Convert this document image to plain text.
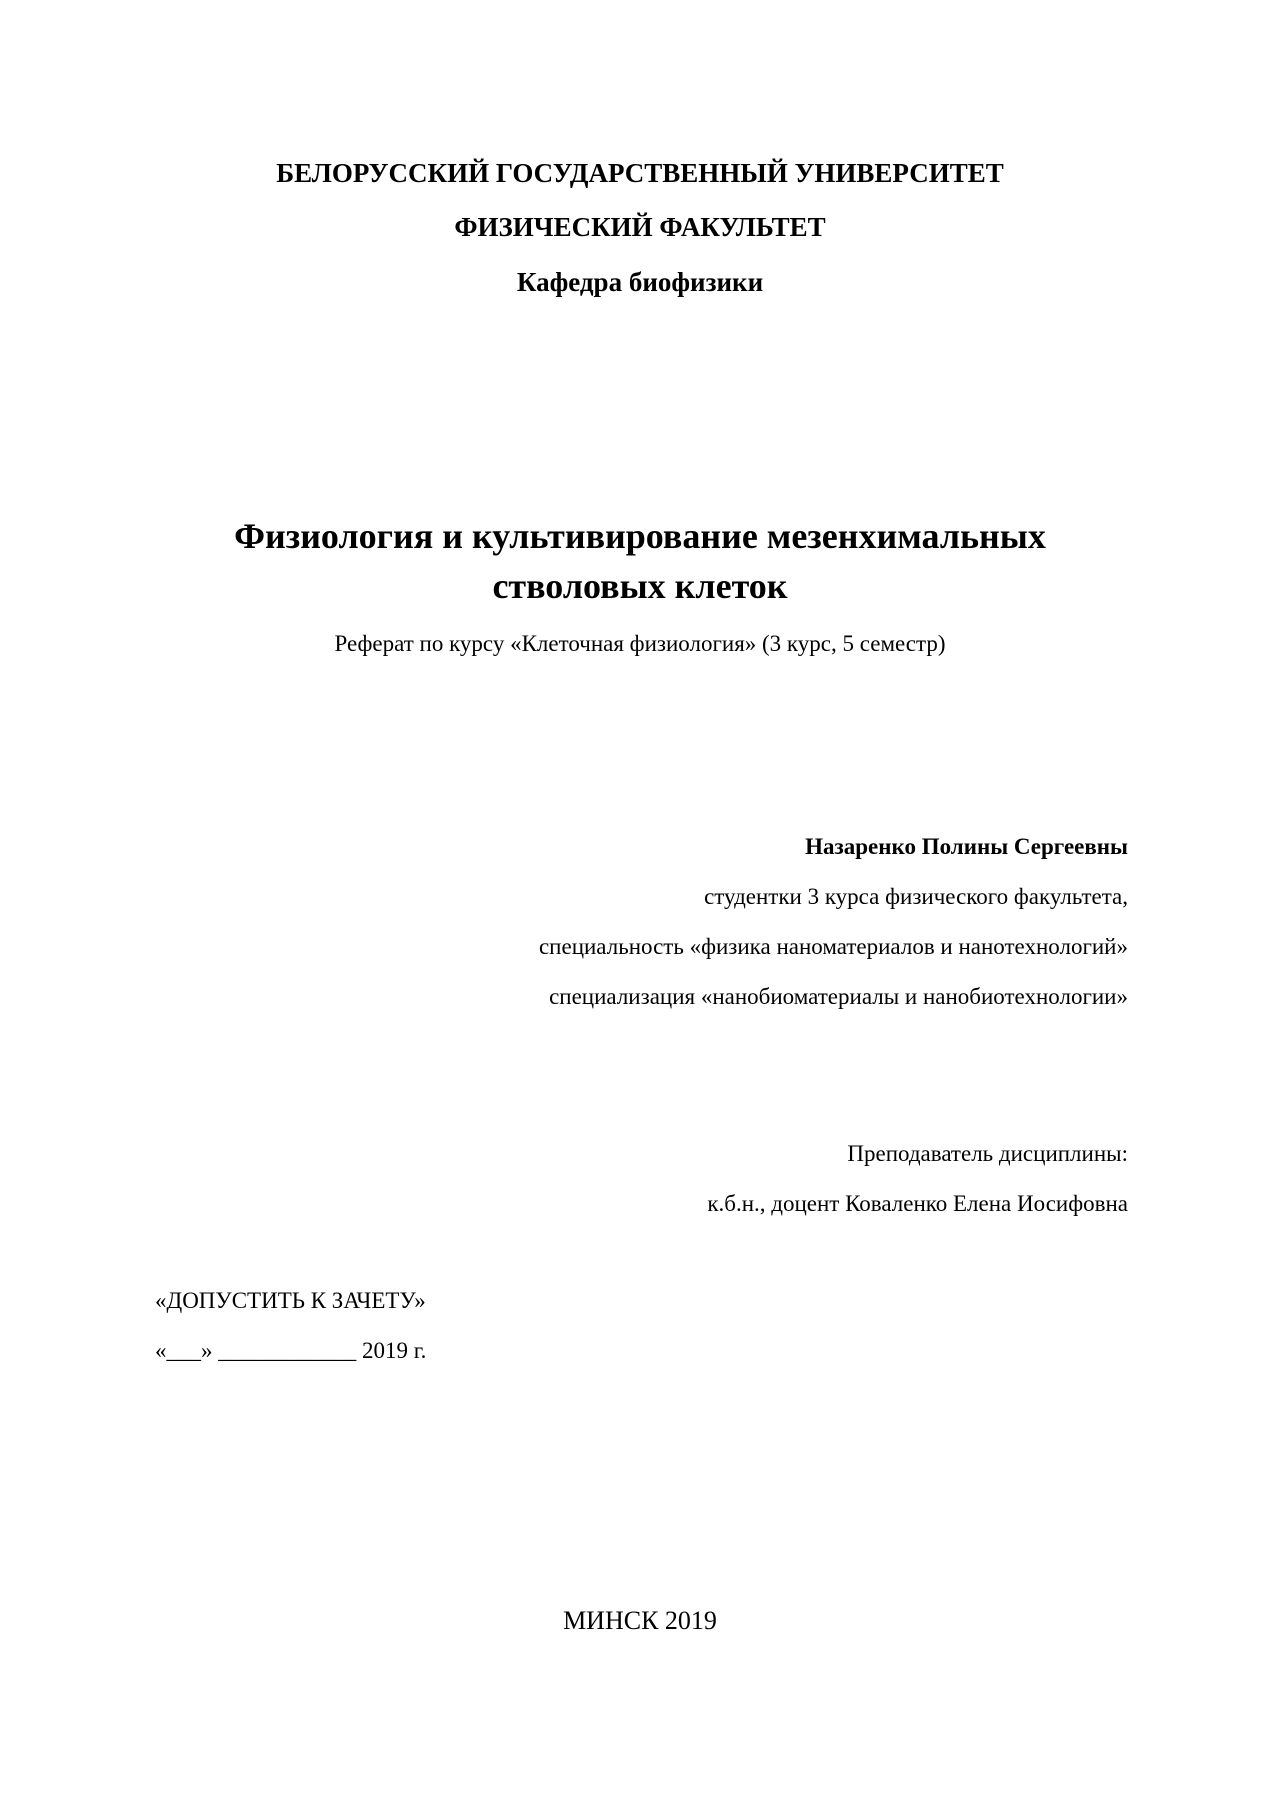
БЕЛОРУССКИЙ ГОСУДАРСТВЕННЫЙ УНИВЕРСИТЕТ
ФИЗИЧЕСКИЙ ФАКУЛЬТЕТ
Кафедра биофизики
Физиология и культивирование мезенхимальных
стволовых клеток
Реферат по курсу «Клеточная физиология» (3 курс, 5 семестр)
Назаренко Полины Сергеевны
студентки 3 курса физического факультета,
специальность «физика наноматериалов и нанотехнологий»
специализация «нанобиоматериалы и нанобиотехнологии»
Преподаватель дисциплины:
к.б.н., доцент Коваленко Елена Иосифовна
«ДОПУСТИТЬ К ЗАЧЕТУ»
«___» ____________ 2019 г.
МИНСК 2019
